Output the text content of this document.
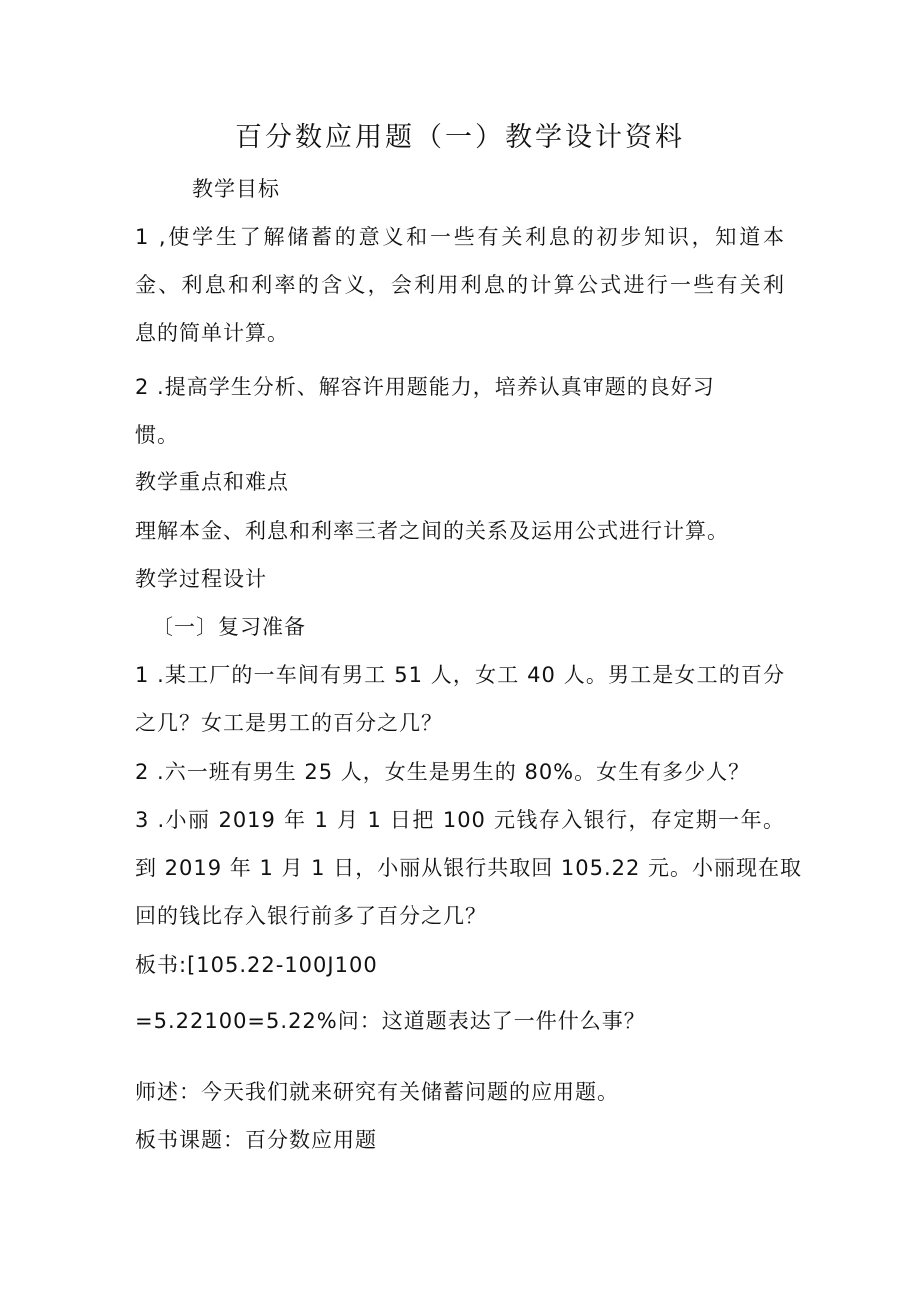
百分数应用题（一）教学设计资料
教学目标
1 ,使学生了解储蓄的意义和一些有关利息的初步知识，知道本
金、利息和利率的含义，会利用利息的计算公式进行一些有关利
息的简单计算。
2 .提高学生分析、解容许用题能力，培养认真审题的良好习
惯。
教学重点和难点
理解本金、利息和利率三者之间的关系及运用公式进行计算。
教学过程设计
〔一〕复习准备
1 .某工厂的一车间有男工 51 人，女工 40 人。男工是女工的百分
之几？女工是男工的百分之几？
2 .六一班有男生 25 人，女生是男生的 80%。女生有多少人？
3 .小丽 2019 年 1 月 1 日把 100 元钱存入银行，存定期一年。
到 2019 年 1 月 1 日，小丽从银行共取回 105.22 元。小丽现在取
回的钱比存入银行前多了百分之几？
板书:[105.22-100J100
=5.22100=5.22%问：这道题表达了一件什么事？
师述：今天我们就来研究有关储蓄问题的应用题。
板书课题：百分数应用题
